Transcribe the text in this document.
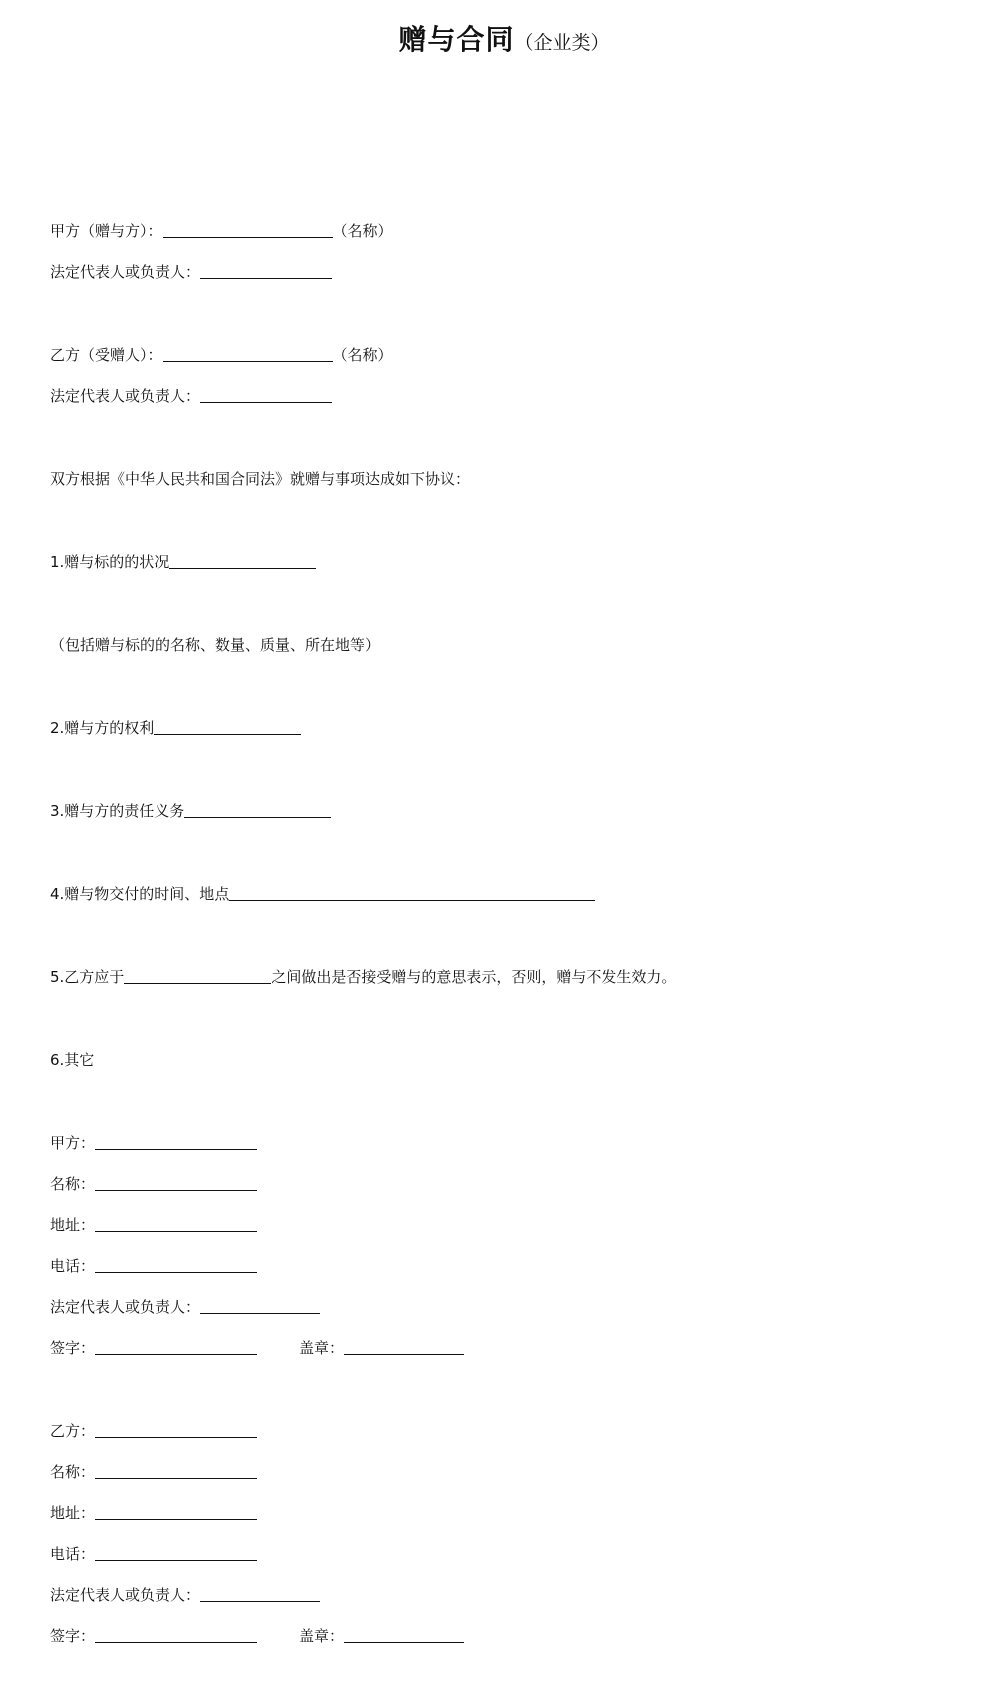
赠与合同（企业类）
甲方（赠与方）：	（名称）
法定代表人或负责人：
乙方（受赠人）：	（名称）
法定代表人或负责人：
双方根据《中华人民共和国合同法》就赠与事项达成如下协议：
1.赠与标的的状况
（包括赠与标的的名称、数量、质量、所在地等）
2.赠与方的权利
3.赠与方的责任义务
4.赠与物交付的时间、地点
5.乙方应于	之间做出是否接受赠与的意思表示，否则，赠与不发生效力。
6.其它
甲方：
名称：
地址：
电话：
法定代表人或负责人：
签字：	盖章：
乙方：
名称：
地址：
电话：
法定代表人或负责人：
签字：	盖章：
